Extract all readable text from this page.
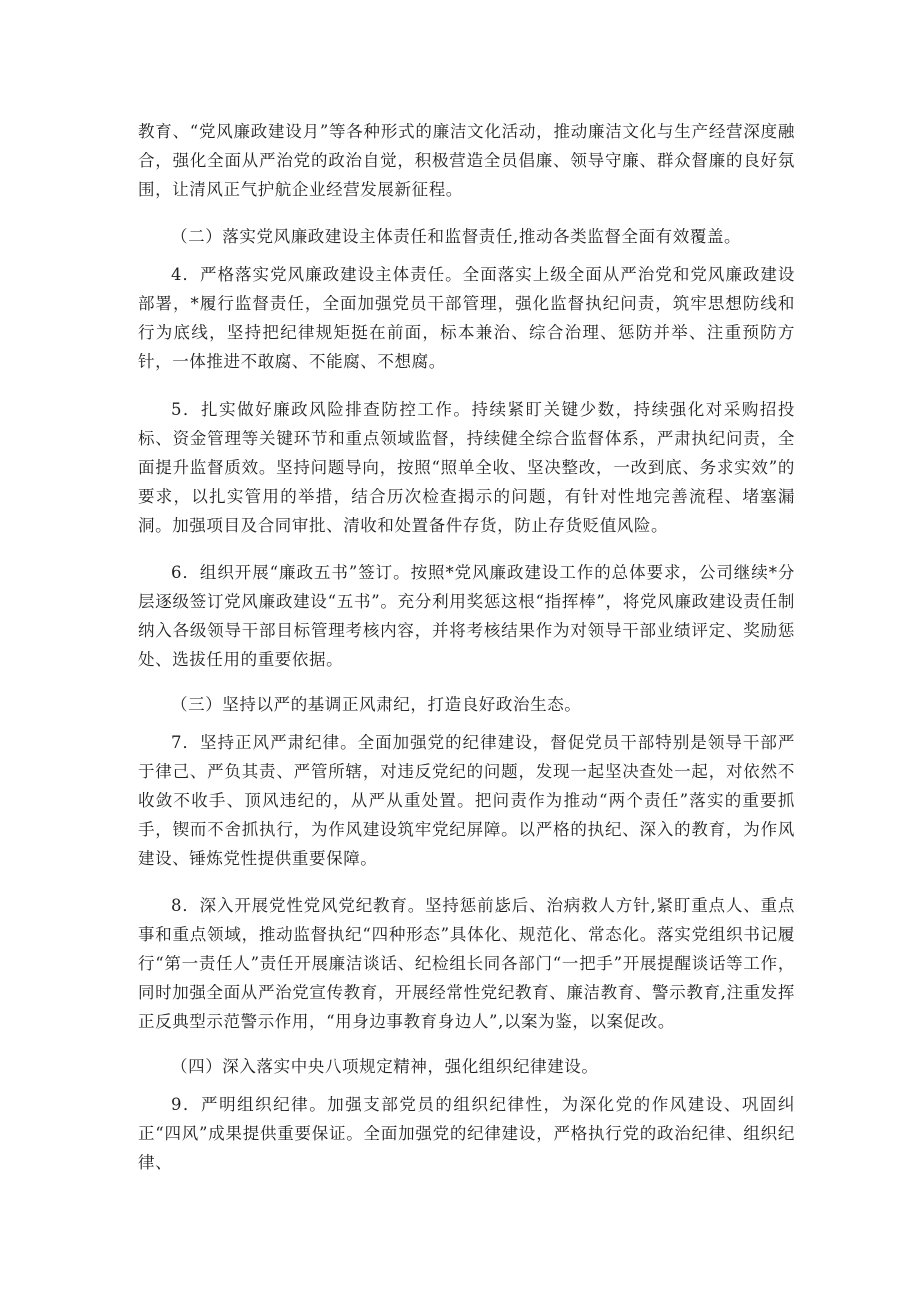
教育、“党风廉政建设月”等各种形式的廉洁文化活动，推动廉洁文化与生产经营深度融合，强化全面从严治党的政治自觉，积极营造全员倡廉、领导守廉、群众督廉的良好氛围，让清风正气护航企业经营发展新征程。

（二）落实党风廉政建设主体责任和监督责任,推动各类监督全面有效覆盖。

4．严格落实党风廉政建设主体责任。全面落实上级全面从严治党和党风廉政建设部署，*履行监督责任，全面加强党员干部管理，强化监督执纪问责，筑牢思想防线和行为底线，坚持把纪律规矩挺在前面，标本兼治、综合治理、惩防并举、注重预防方针，一体推进不敢腐、不能腐、不想腐。

5．扎实做好廉政风险排查防控工作。持续紧盯关键少数，持续强化对采购招投标、资金管理等关键环节和重点领域监督，持续健全综合监督体系，严肃执纪问责，全面提升监督质效。坚持问题导向，按照“照单全收、坚决整改，一改到底、务求实效”的要求，以扎实管用的举措，结合历次检查揭示的问题，有针对性地完善流程、堵塞漏洞。加强项目及合同审批、清收和处置备件存货，防止存货贬值风险。

6．组织开展“廉政五书”签订。按照*党风廉政建设工作的总体要求，公司继续*分层逐级签订党风廉政建设“五书”。充分利用奖惩这根“指挥棒”，将党风廉政建设责任制纳入各级领导干部目标管理考核内容，并将考核结果作为对领导干部业绩评定、奖励惩处、选拔任用的重要依据。

（三）坚持以严的基调正风肃纪，打造良好政治生态。

7．坚持正风严肃纪律。全面加强党的纪律建设，督促党员干部特别是领导干部严于律己、严负其责、严管所辖，对违反党纪的问题，发现一起坚决查处一起，对依然不收敛不收手、顶风违纪的，从严从重处置。把问责作为推动“两个责任”落实的重要抓手，锲而不舍抓执行，为作风建设筑牢党纪屏障。以严格的执纪、深入的教育，为作风建设、锤炼党性提供重要保障。

8．深入开展党性党风党纪教育。坚持惩前毖后、治病救人方针,紧盯重点人、重点事和重点领域，推动监督执纪“四种形态”具体化、规范化、常态化。落实党组织书记履行“第一责任人”责任开展廉洁谈话、纪检组长同各部门“一把手”开展提醒谈话等工作，同时加强全面从严治党宣传教育，开展经常性党纪教育、廉洁教育、警示教育,注重发挥正反典型示范警示作用，“用身边事教育身边人”,以案为鉴，以案促改。

（四）深入落实中央八项规定精神，强化组织纪律建设。

9．严明组织纪律。加强支部党员的组织纪律性，为深化党的作风建设、巩固纠正“四风”成果提供重要保证。全面加强党的纪律建设，严格执行党的政治纪律、组织纪律、
